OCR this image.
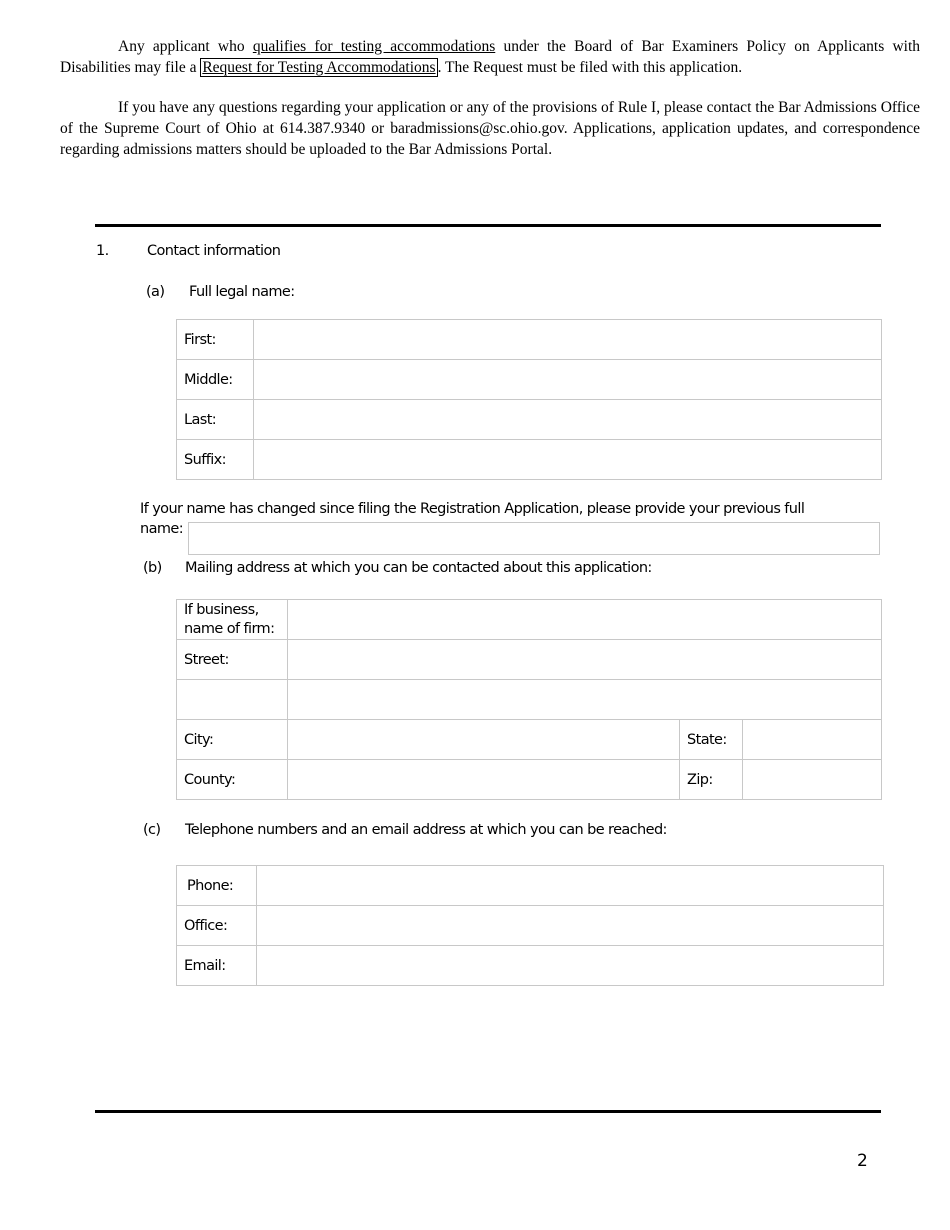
Any applicant who qualifies for testing accommodations under the Board of Bar Examiners Policy on Applicants with Disabilities may file a Request for Testing Accommodations . The Request must be filed with this application.

If you have any questions regarding your application or any of the provisions of Rule I, please contact the Bar Admissions Office of the Supreme Court of Ohio at 614.387.9340 or baradmissions@sc.ohio.gov. Applications, application updates, and correspondence regarding admissions matters should be uploaded to the Bar Admissions Portal.

1.	Contact information
(a) Full legal name:
First:	

Middle:	

Last:	

Suffix:	
If your name has changed since filing the Registration Application, please provide your previous full
name:
(b) Mailing address at which you can be contacted about this application:
If business,
name of firm:			

Street:			

City:		State:	

County:		Zip:	
(c) Telephone numbers and an email address at which you can be reached:
Phone:	

Office:	

Email:	
2
